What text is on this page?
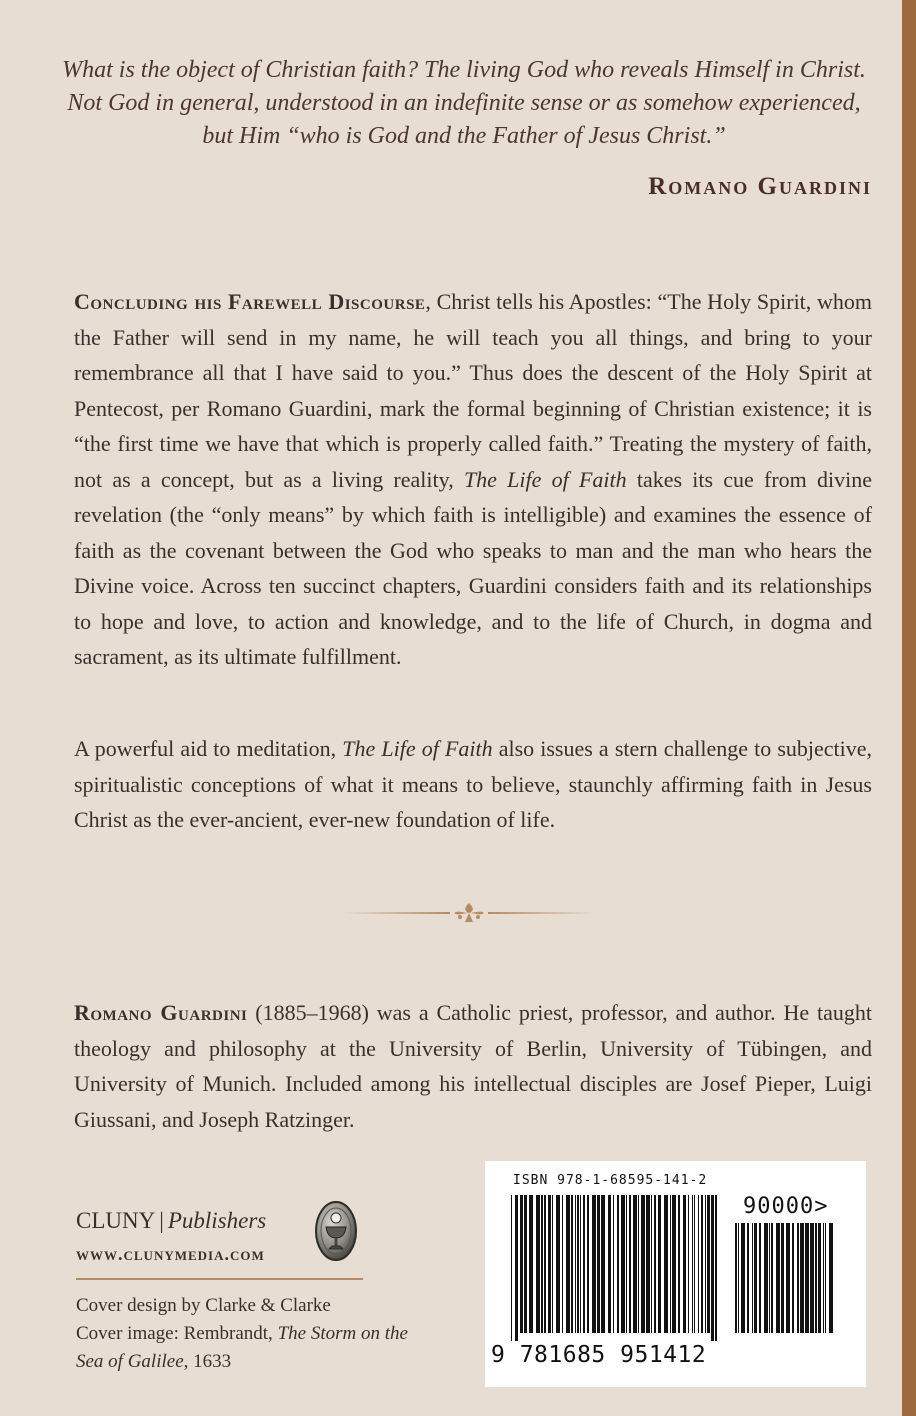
What is the object of Christian faith? The living God who reveals Himself in Christ. Not God in general, understood in an indefinite sense or as somehow experienced, but Him “who is God and the Father of Jesus Christ.”
Romano Guardini
Concluding his Farewell Discourse, Christ tells his Apostles: “The Holy Spirit, whom the Father will send in my name, he will teach you all things, and bring to your remembrance all that I have said to you.” Thus does the descent of the Holy Spirit at Pentecost, per Romano Guardini, mark the formal beginning of Christian existence; it is “the first time we have that which is properly called faith.” Treating the mystery of faith, not as a concept, but as a living reality, The Life of Faith takes its cue from divine revelation (the “only means” by which faith is intelligible) and examines the essence of faith as the covenant between the God who speaks to man and the man who hears the Divine voice. Across ten succinct chapters, Guardini considers faith and its relationships to hope and love, to action and knowledge, and to the life of Church, in dogma and sacrament, as its ultimate fulfillment.
A powerful aid to meditation, The Life of Faith also issues a stern challenge to subjective, spiritualistic conceptions of what it means to believe, staunchly affirming faith in Jesus Christ as the ever-ancient, ever-new foundation of life.
Romano Guardini (1885–1968) was a Catholic priest, professor, and author. He taught theology and philosophy at the University of Berlin, University of Tübingen, and University of Munich. Included among his intellectual disciples are Josef Pieper, Luigi Giussani, and Joseph Ratzinger.
CLUNY | Publishers
www.clunymedia.com
Cover design by Clarke & Clarke
Cover image: Rembrandt, The Storm on the Sea of Galilee, 1633
ISBN 978-1-68595-141-2
90000>
9 781685 951412
